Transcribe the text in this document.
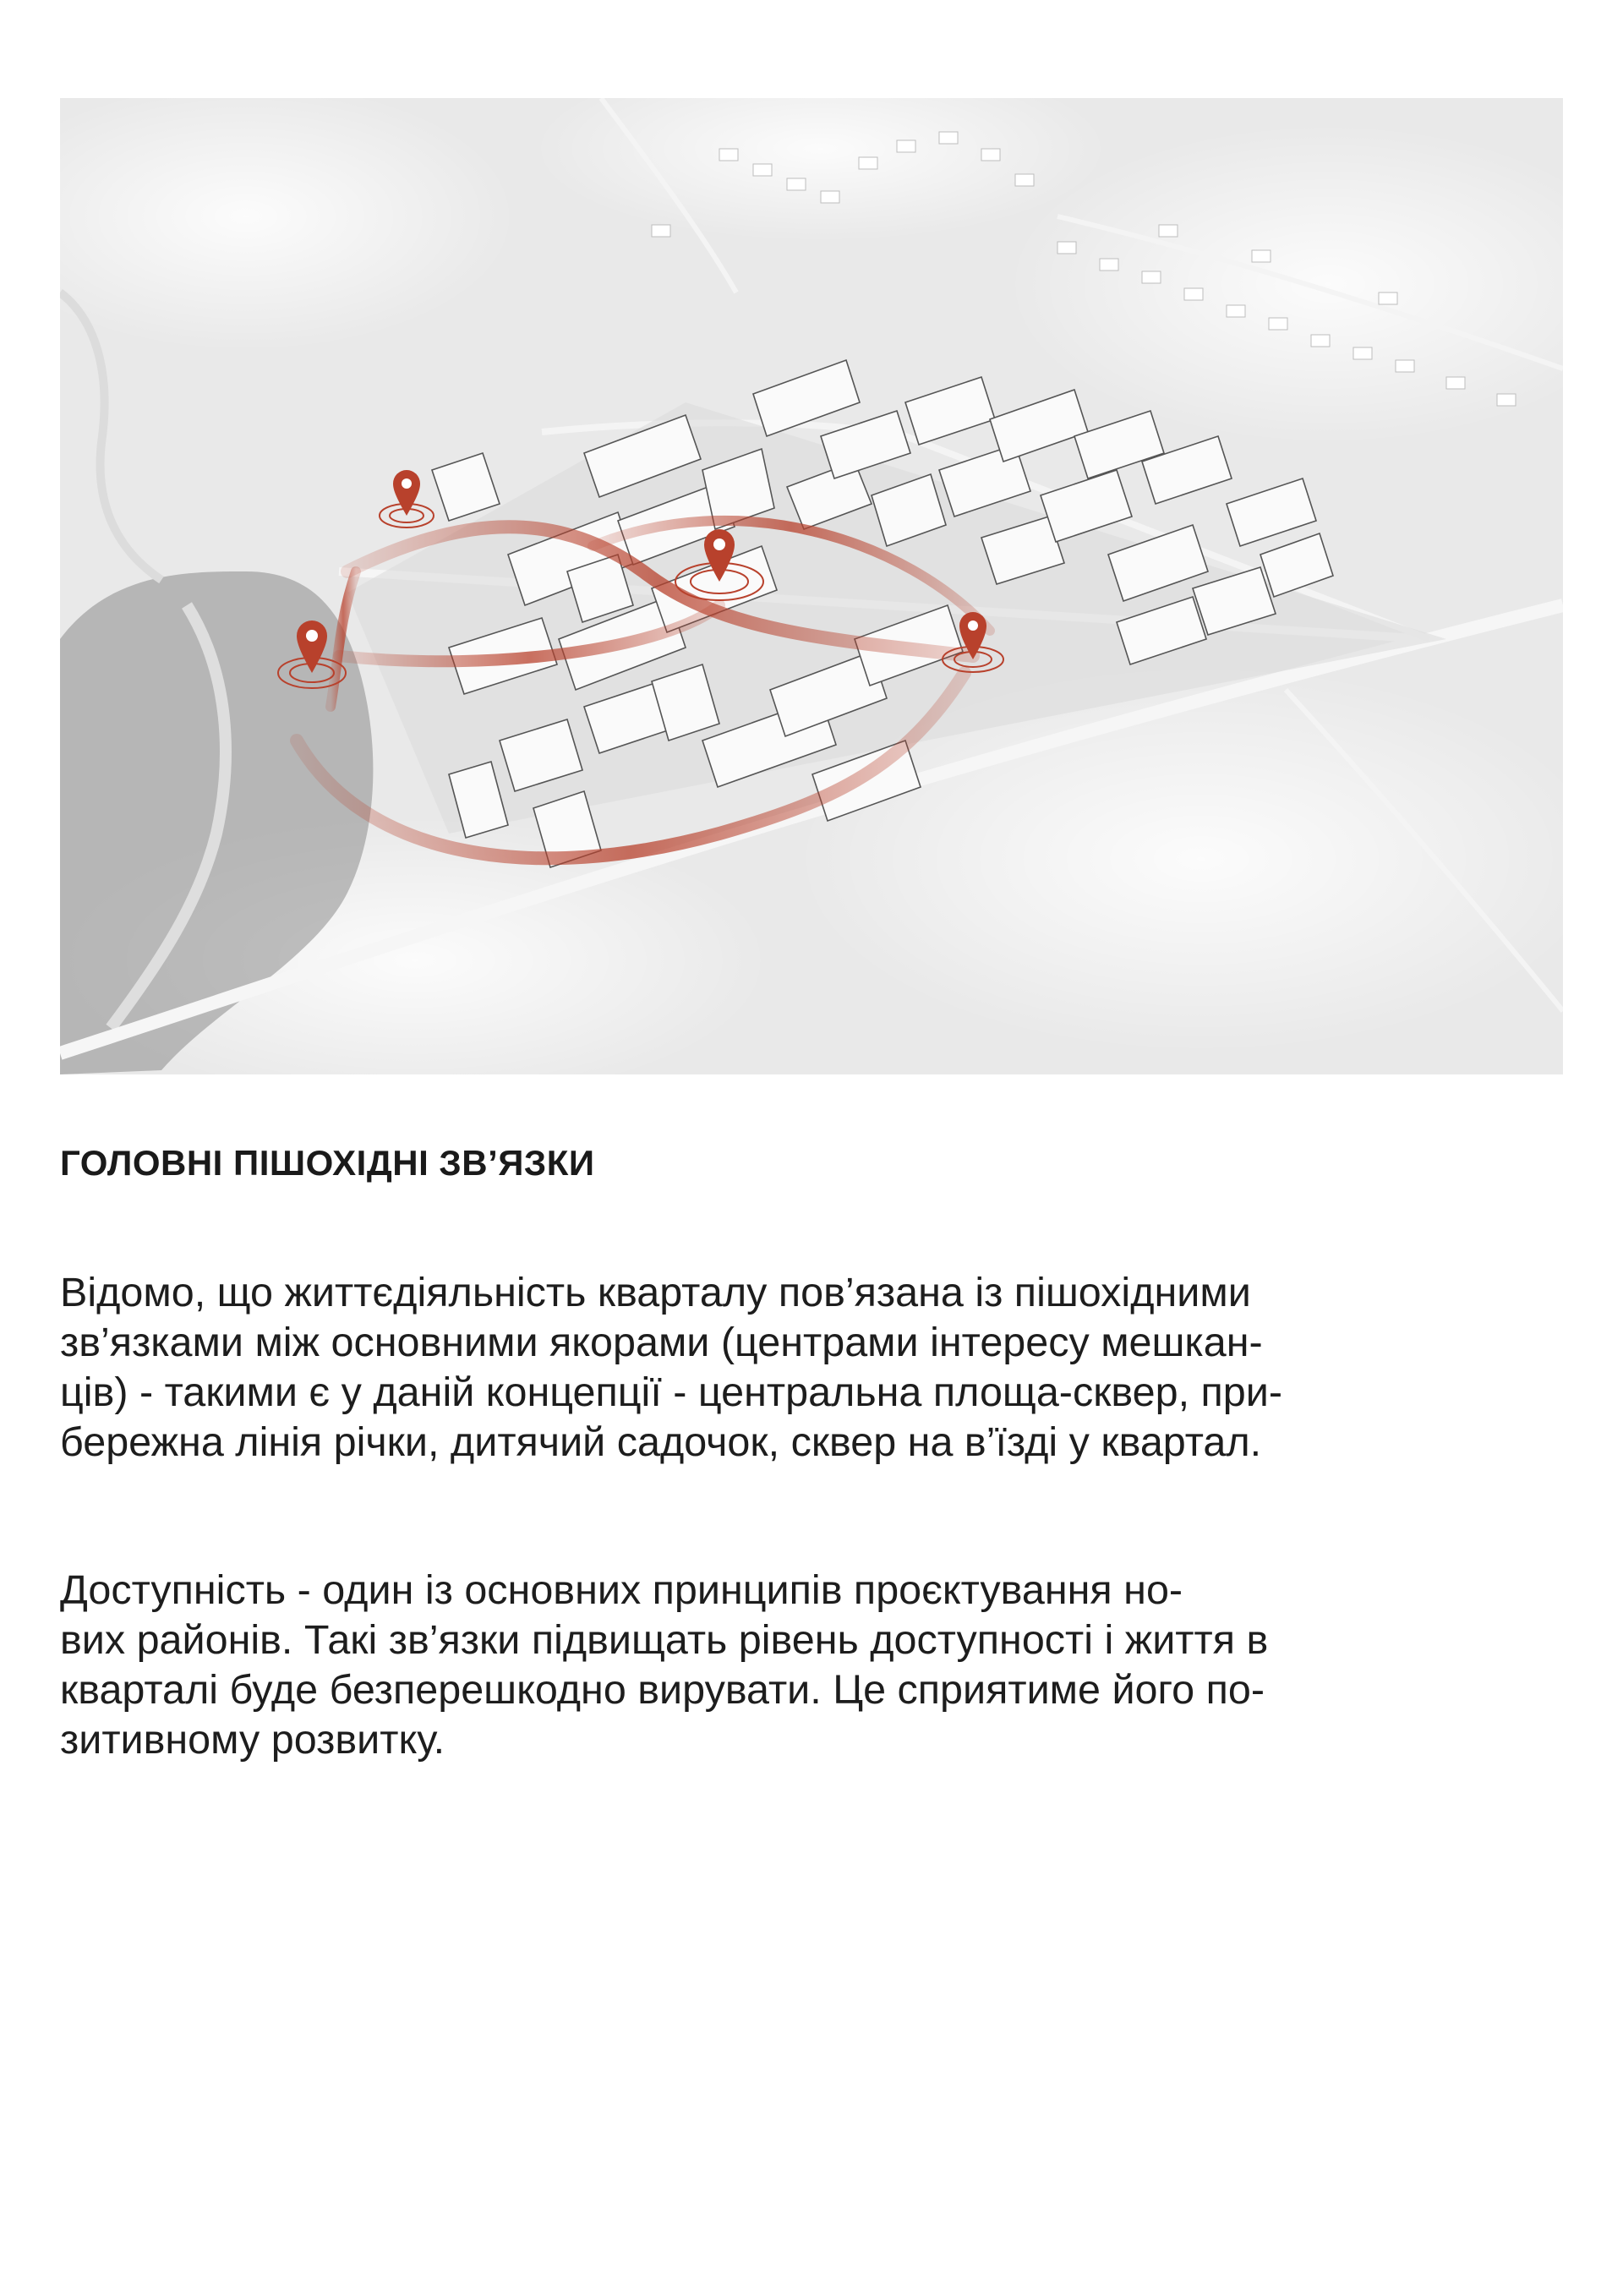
ГОЛОВНІ ПІШОХІДНІ ЗВ’ЯЗКИ

Відомо, що життєдіяльність кварталу пов’язана із пішохідними
зв’язками між основними якорами (центрами інтересу мешкан-
ців) - такими є у даній концепції - центральна площа-сквер, при-
бережна лінія річки, дитячий садочок, сквер на в’їзді у квартал.

Доступність - один із основних принципів проєктування но-
вих районів. Такі зв’язки підвищать рівень доступності і життя в
кварталі буде безперешкодно вирувати. Це сприятиме його по-
зитивному розвитку.
